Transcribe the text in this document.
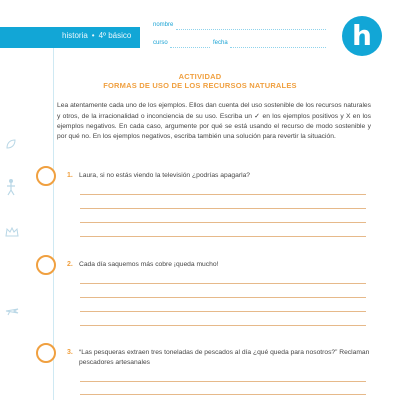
historia • 4º básico
nombre
curso	fecha	h
ACTIVIDAD
FORMAS DE USO DE LOS RECURSOS NATURALES
Lea atentamente cada uno de los ejemplos. Ellos dan cuenta del uso sostenible de los recursos naturales y otros, de la irracionalidad o inconciencia de su uso. Escriba un ✓ en los ejemplos positivos y X en los ejemplos negativos. En cada caso, argumente por qué se está usando el recurso de modo sostenible y por qué no. En los ejemplos negativos, escriba también una solución para revertir la situación.
1. Laura, si no estás viendo la televisión ¿podrías apagarla?
2. Cada día saquemos más cobre ¡queda mucho!
3. “Las pesqueras extraen tres toneladas de pescados al día ¿qué queda para nosotros?” Reclaman pescadores artesanales
